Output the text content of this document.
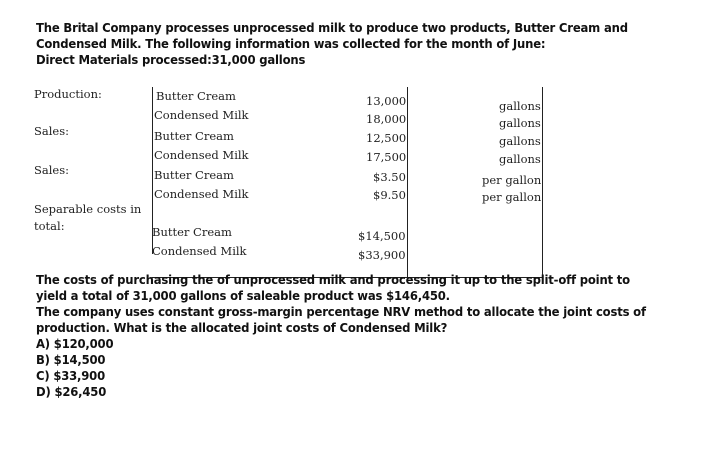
The Brital Company processes unprocessed milk to produce two products, Butter Cream and
Condensed Milk. The following information was collected for the month of June:
Direct Materials processed:31,000 gallons
Production:
Sales:
Sales:
Separable costs in
total:
Butter Cream
Condensed Milk
Butter Cream
Condensed Milk
Butter Cream
Condensed Milk
Butter Cream
Condensed Milk
13,000
18,000
12,500
17,500
$3.50
$9.50
$14,500
$33,900
gallons
gallons
gallons
gallons
per gallon
per gallon
The costs of purchasing the of unprocessed milk and processing it up to the split-off point to
yield a total of 31,000 gallons of saleable product was $146,450.
The company uses constant gross-margin percentage NRV method to allocate the joint costs of
production. What is the allocated joint costs of Condensed Milk?
A) $120,000
B) $14,500
C) $33,900
D) $26,450
